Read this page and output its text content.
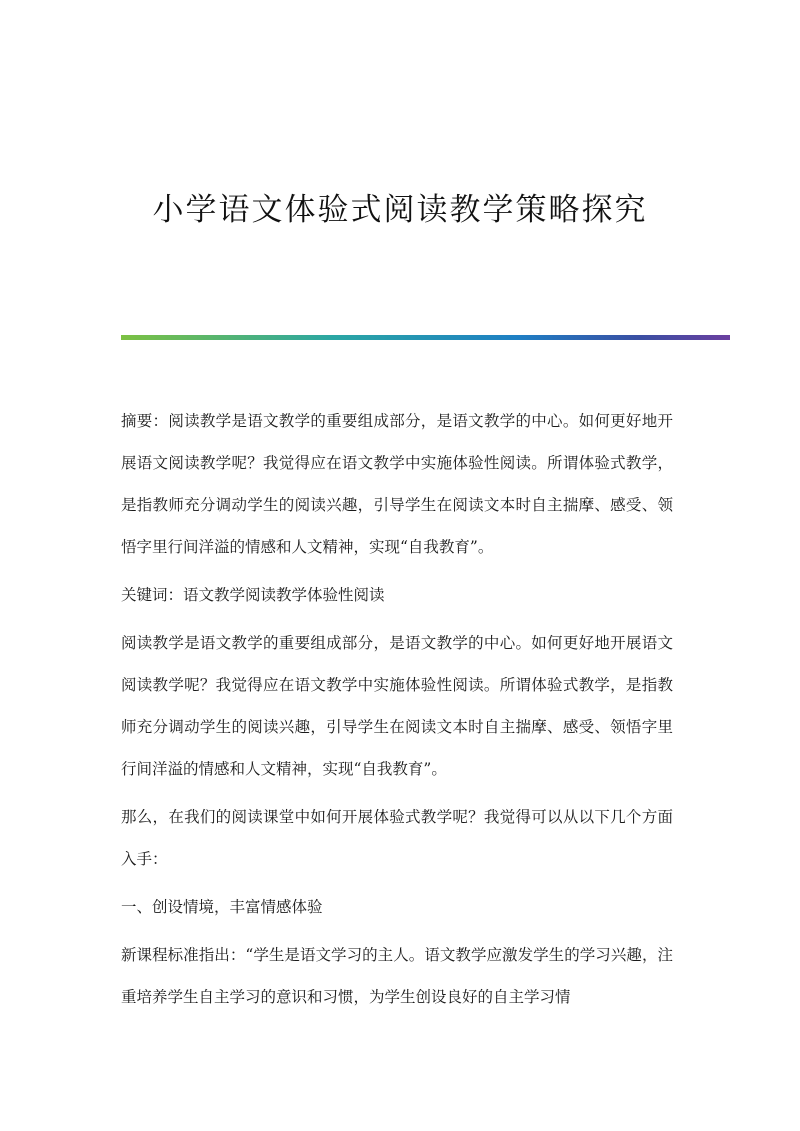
小学语文体验式阅读教学策略探究

摘要：阅读教学是语文教学的重要组成部分，是语文教学的中心。如何更好地开展语文阅读教学呢？我觉得应在语文教学中实施体验性阅读。所谓体验式教学，是指教师充分调动学生的阅读兴趣，引导学生在阅读文本时自主揣摩、感受、领悟字里行间洋溢的情感和人文精神，实现“自我教育”。

关键词：语文教学阅读教学体验性阅读

阅读教学是语文教学的重要组成部分，是语文教学的中心。如何更好地开展语文阅读教学呢？我觉得应在语文教学中实施体验性阅读。所谓体验式教学，是指教师充分调动学生的阅读兴趣，引导学生在阅读文本时自主揣摩、感受、领悟字里行间洋溢的情感和人文精神，实现“自我教育”。

那么，在我们的阅读课堂中如何开展体验式教学呢？我觉得可以从以下几个方面入手：

一、创设情境，丰富情感体验

新课程标准指出：“学生是语文学习的主人。语文教学应激发学生的学习兴趣，注重培养学生自主学习的意识和习惯，为学生创设良好的自主学习情
